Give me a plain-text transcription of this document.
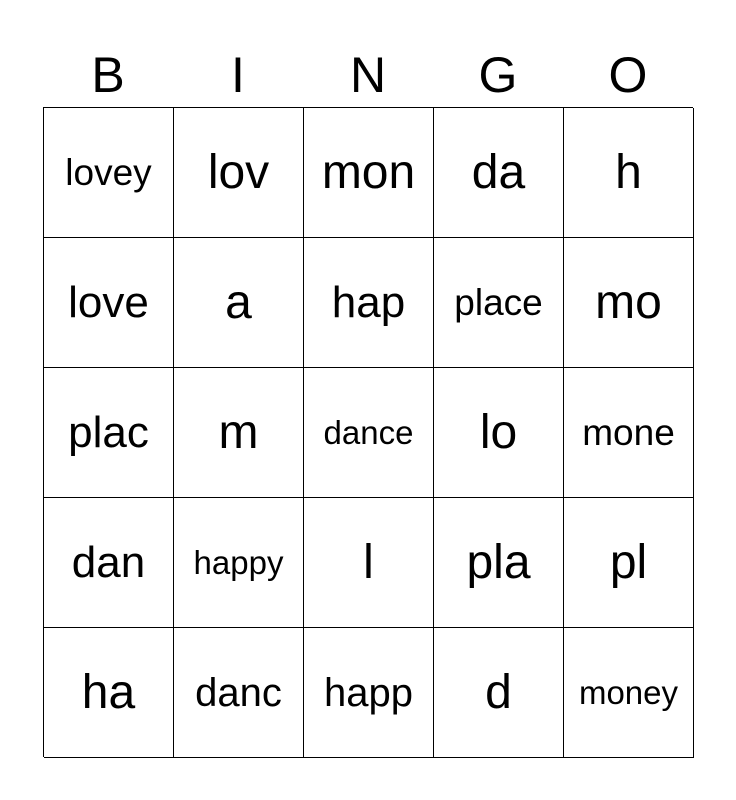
B	I	N	G	O
lovey	lov	mon	da	h
love	a	hap	place	mo
plac	m	dance	lo	mone
dan	happy	l	pla	pl
ha	danc	happ	d	money
